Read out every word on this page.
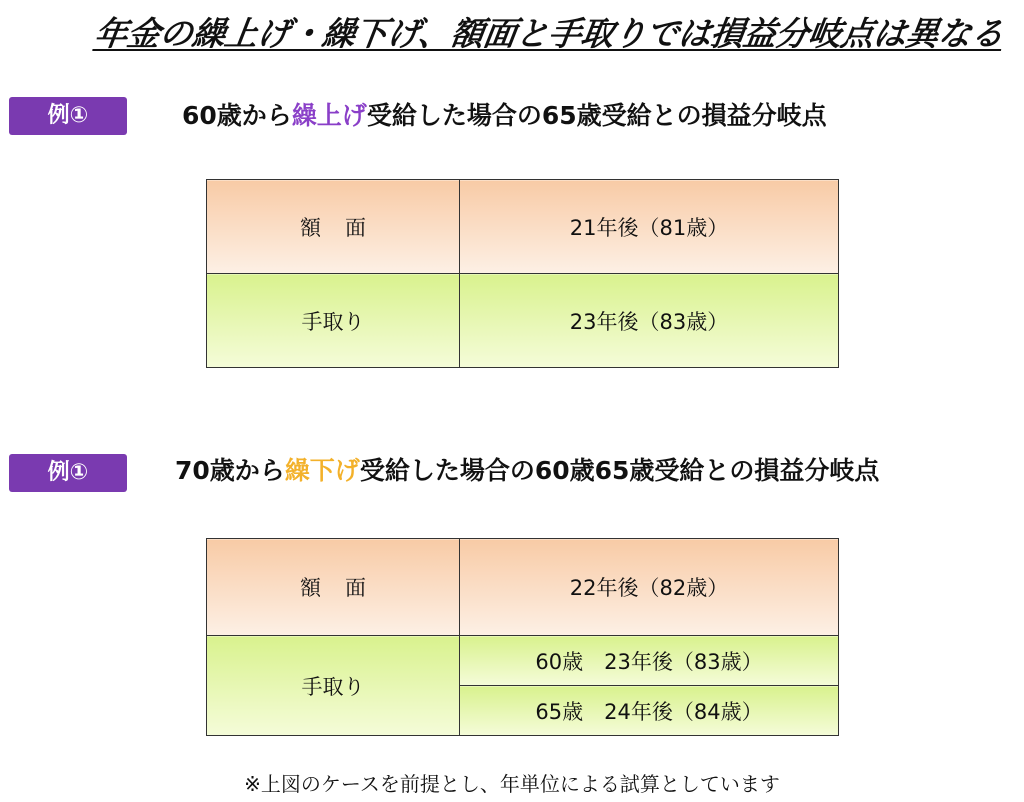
年金の繰上げ・繰下げ、額面と手取りでは損益分岐点は異なる
例①	60歳から繰上げ受給した場合の65歳受給との損益分岐点
額面	21年後（81歳）
手取り	23年後（83歳）
例①	70歳から繰下げ受給した場合の60歳65歳受給との損益分岐点
額面	22年後（82歳）
手取り	60歳　23年後（83歳）
	65歳　24年後（84歳）
※上図のケースを前提とし、年単位による試算としています
